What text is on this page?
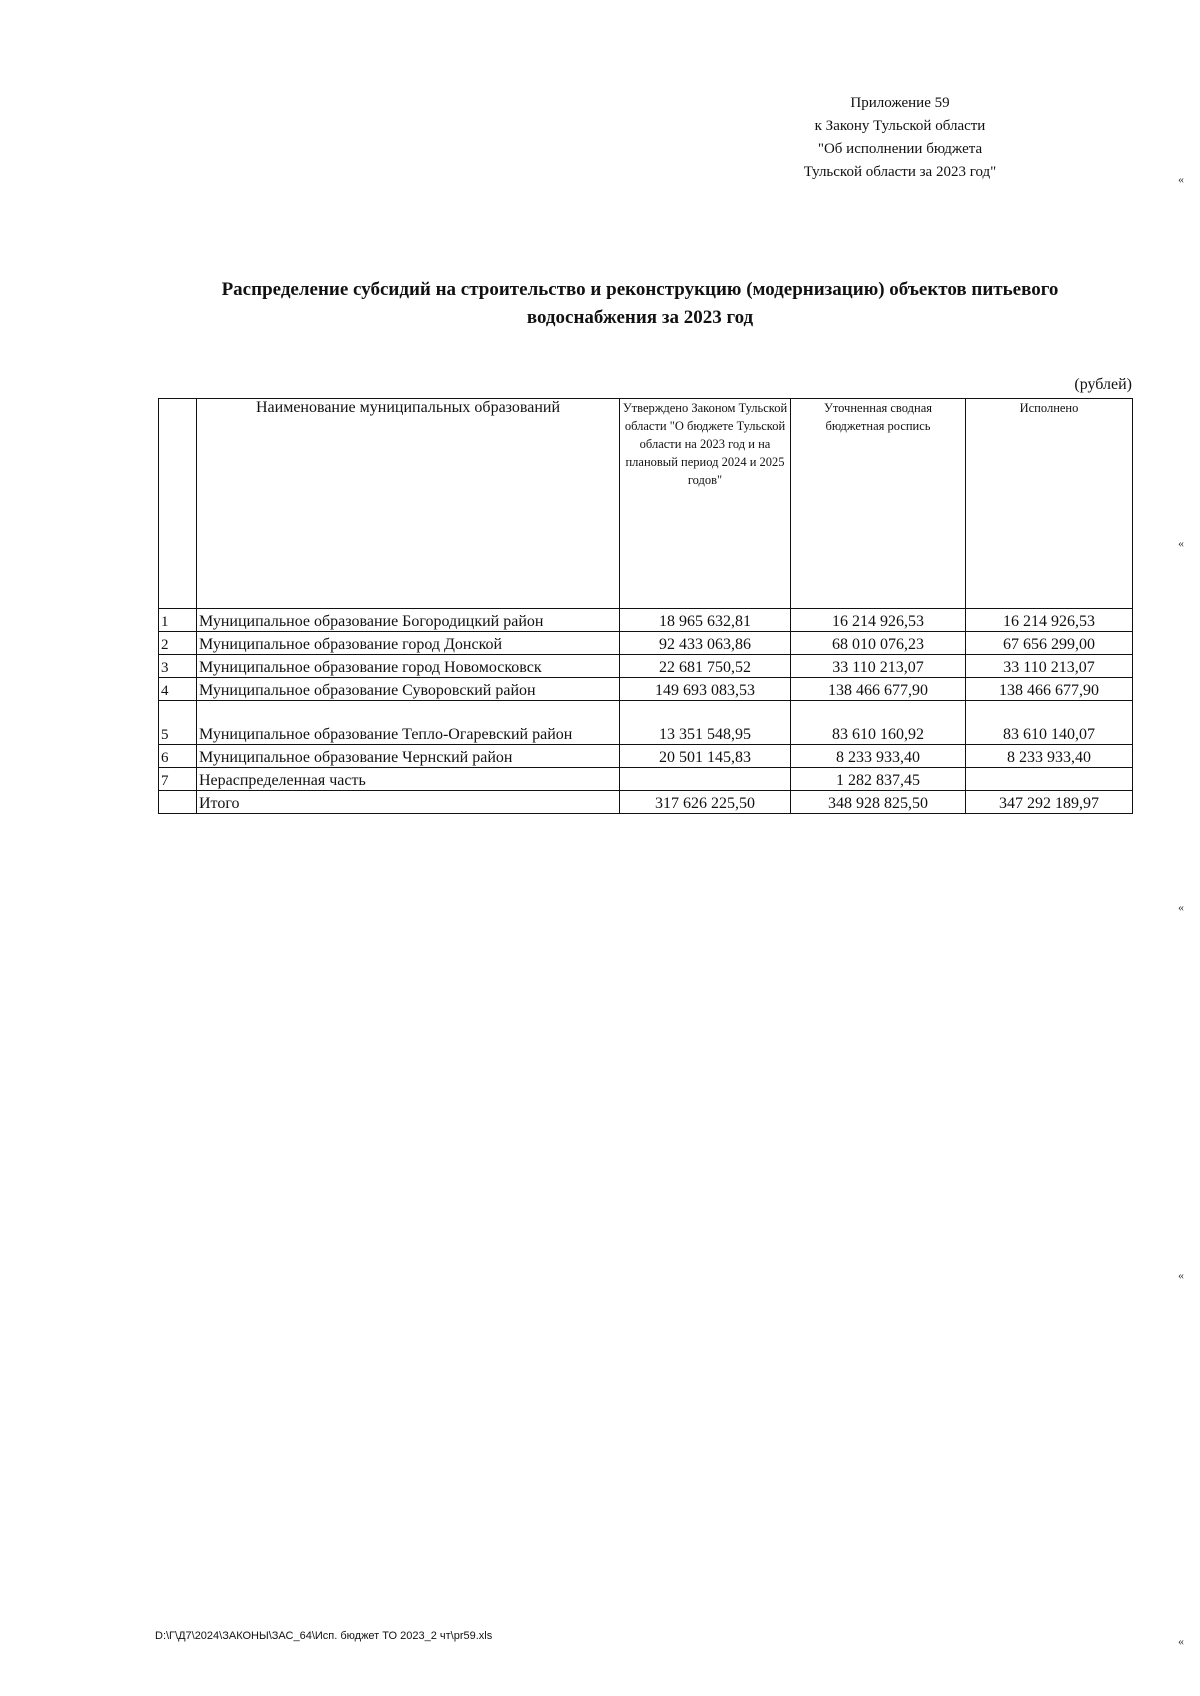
Приложение 59
к Закону Тульской области
"Об исполнении бюджета
Тульской области за 2023 год"
Распределение субсидий на строительство и реконструкцию (модернизацию) объектов питьевого
водоснабжения за 2023 год
(рублей)
	Наименование муниципальных образований	Утверждено Законом Тульской области "О бюджете Тульской области на 2023 год и на плановый период 2024 и 2025 годов"	Уточненная сводная бюджетная роспись	Исполнено
1	Муниципальное образование Богородицкий район	18 965 632,81	16 214 926,53	16 214 926,53
2	Муниципальное образование город Донской	92 433 063,86	68 010 076,23	67 656 299,00
3	Муниципальное образование город Новомосковск	22 681 750,52	33 110 213,07	33 110 213,07
4	Муниципальное образование Суворовский район	149 693 083,53	138 466 677,90	138 466 677,90
5	Муниципальное образование Тепло-Огаревский район	13 351 548,95	83 610 160,92	83 610 140,07
6	Муниципальное образование Чернский район	20 501 145,83	8 233 933,40	8 233 933,40
7	Нераспределенная часть		1 282 837,45	
	Итого	317 626 225,50	348 928 825,50	347 292 189,97
«
«
«
«
«
D:\Г\Д7\2024\ЗАКОНЫ\ЗАС_64\Исп. бюджет ТО 2023_2 чт\pr59.xls
